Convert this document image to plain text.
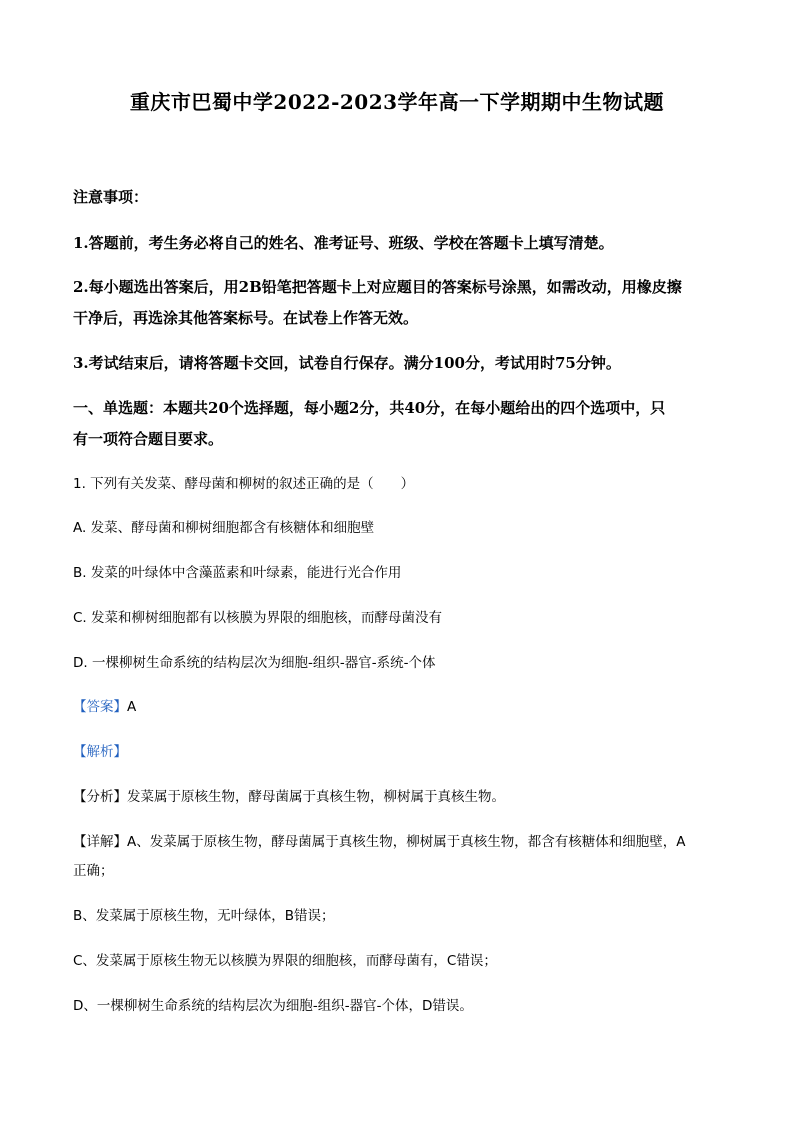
重庆市巴蜀中学2022-2023学年高一下学期期中生物试题
注意事项：
1.答题前，考生务必将自己的姓名、准考证号、班级、学校在答题卡上填写清楚。
2.每小题选出答案后，用2B铅笔把答题卡上对应题目的答案标号涂黑，如需改动，用橡皮擦
干净后，再选涂其他答案标号。在试卷上作答无效。
3.考试结束后，请将答题卡交回，试卷自行保存。满分100分，考试用时75分钟。
一、单选题：本题共20个选择题，每小题2分，共40分，在每小题给出的四个选项中，只
有一项符合题目要求。
1. 下列有关发菜、酵母菌和柳树的叙述正确的是（　　）
A. 发菜、酵母菌和柳树细胞都含有核糖体和细胞壁
B. 发菜的叶绿体中含藻蓝素和叶绿素，能进行光合作用
C. 发菜和柳树细胞都有以核膜为界限的细胞核，而酵母菌没有
D. 一棵柳树生命系统的结构层次为细胞-组织-器官-系统-个体
【答案】A
【解析】
【分析】发菜属于原核生物，酵母菌属于真核生物，柳树属于真核生物。
【详解】A、发菜属于原核生物，酵母菌属于真核生物，柳树属于真核生物，都含有核糖体和细胞壁，A
正确；
B、发菜属于原核生物，无叶绿体，B错误；
C、发菜属于原核生物无以核膜为界限的细胞核，而酵母菌有，C错误；
D、一棵柳树生命系统的结构层次为细胞-组织-器官-个体，D错误。
